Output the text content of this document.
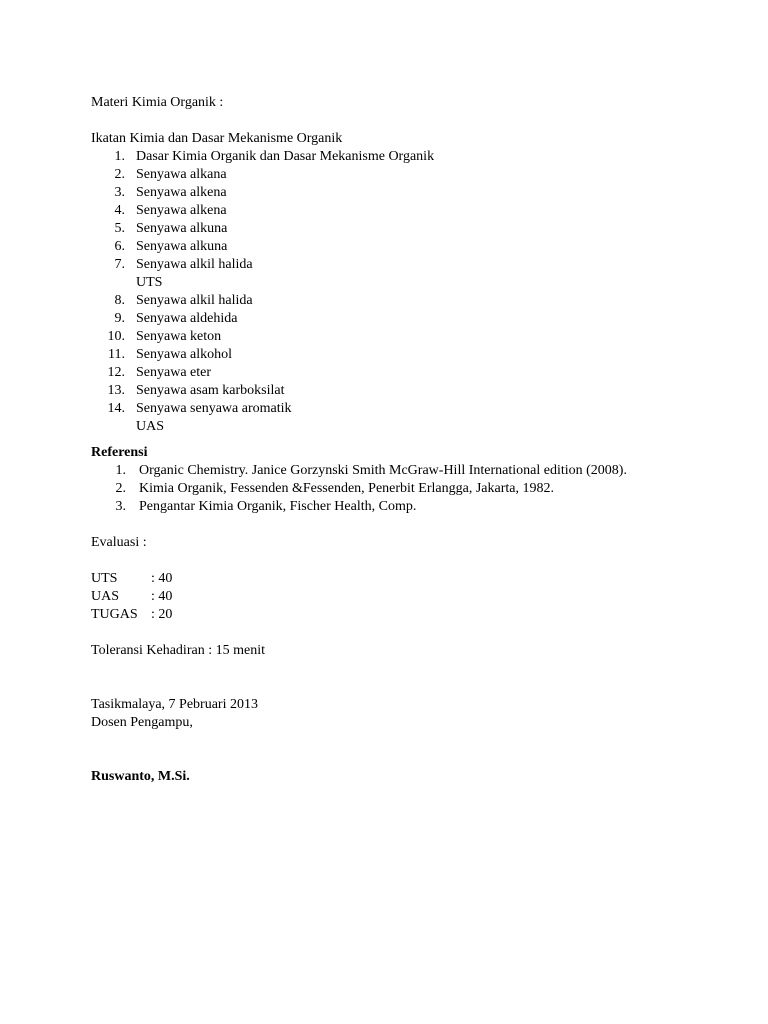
Materi Kimia Organik :
Ikatan Kimia dan Dasar Mekanisme Organik
1. Dasar Kimia Organik dan Dasar Mekanisme Organik
2. Senyawa alkana
3. Senyawa alkena
4. Senyawa alkena
5. Senyawa alkuna
6. Senyawa alkuna
7. Senyawa alkil halida
UTS
8. Senyawa alkil halida
9. Senyawa aldehida
10. Senyawa keton
11. Senyawa alkohol
12. Senyawa eter
13. Senyawa asam karboksilat
14. Senyawa senyawa aromatik
UAS
Referensi
1. Organic Chemistry. Janice Gorzynski Smith McGraw-Hill International edition (2008).
2. Kimia Organik, Fessenden &Fessenden, Penerbit Erlangga, Jakarta, 1982.
3. Pengantar Kimia Organik, Fischer Health, Comp.
Evaluasi :
UTS : 40
UAS : 40
TUGAS : 20
Toleransi Kehadiran : 15 menit
Tasikmalaya, 7 Pebruari 2013
Dosen Pengampu,
Ruswanto, M.Si.
